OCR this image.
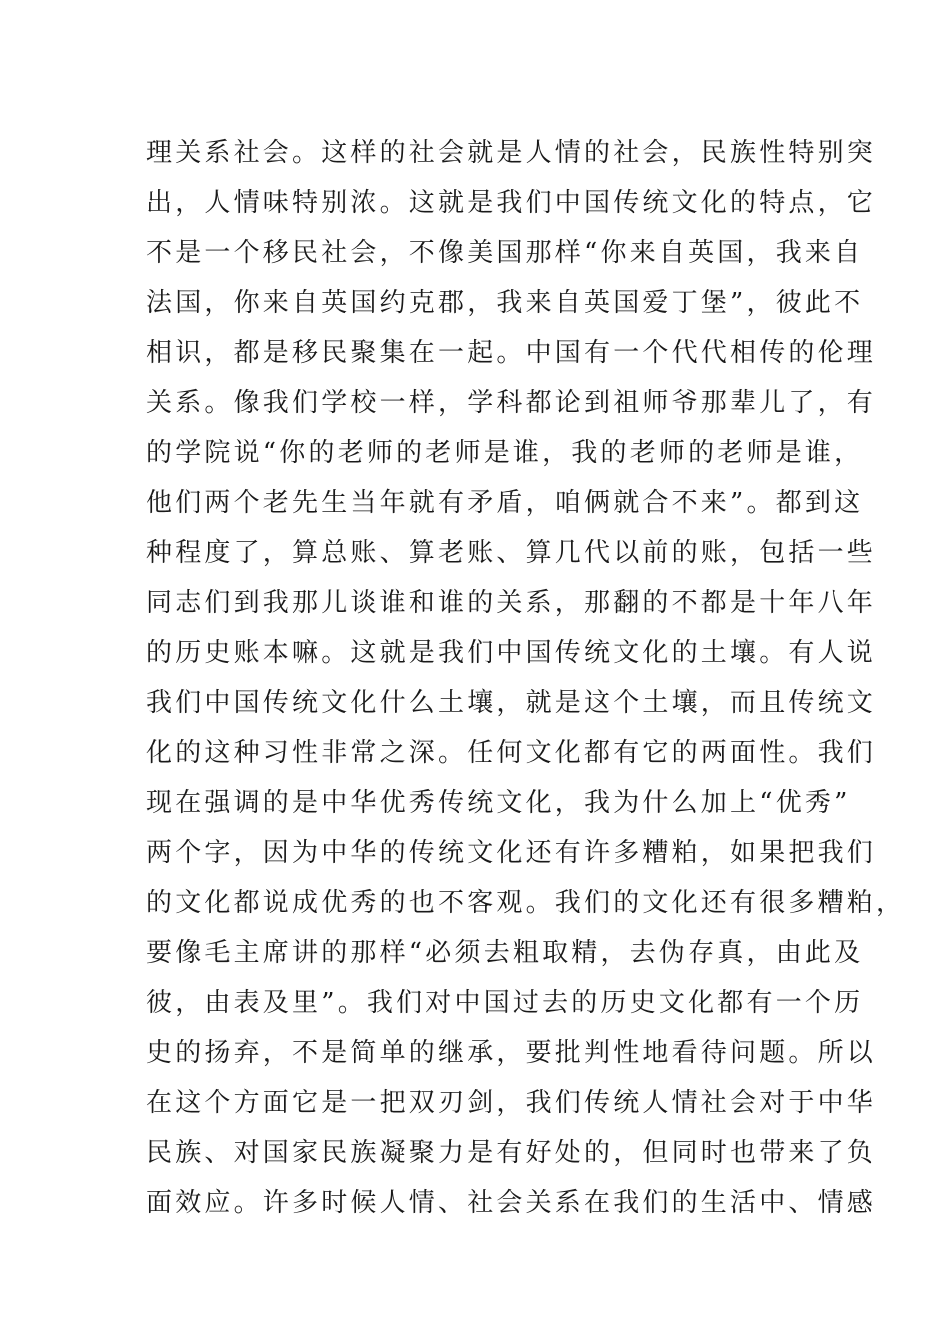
理关系社会。这样的社会就是人情的社会，民族性特别突
出，人情味特别浓。这就是我们中国传统文化的特点，它
不是一个移民社会，不像美国那样“你来自英国，我来自
法国，你来自英国约克郡，我来自英国爱丁堡”，彼此不
相识，都是移民聚集在一起。中国有一个代代相传的伦理
关系。像我们学校一样，学科都论到祖师爷那辈儿了，有
的学院说“你的老师的老师是谁，我的老师的老师是谁，
他们两个老先生当年就有矛盾，咱俩就合不来”。都到这
种程度了，算总账、算老账、算几代以前的账，包括一些
同志们到我那儿谈谁和谁的关系，那翻的不都是十年八年
的历史账本嘛。这就是我们中国传统文化的土壤。有人说
我们中国传统文化什么土壤，就是这个土壤，而且传统文
化的这种习性非常之深。任何文化都有它的两面性。我们
现在强调的是中华优秀传统文化，我为什么加上“优秀”
两个字，因为中华的传统文化还有许多糟粕，如果把我们
的文化都说成优秀的也不客观。我们的文化还有很多糟粕，
要像毛主席讲的那样“必须去粗取精，去伪存真，由此及
彼，由表及里”。我们对中国过去的历史文化都有一个历
史的扬弃，不是简单的继承，要批判性地看待问题。所以
在这个方面它是一把双刃剑，我们传统人情社会对于中华
民族、对国家民族凝聚力是有好处的，但同时也带来了负
面效应。许多时候人情、社会关系在我们的生活中、情感
